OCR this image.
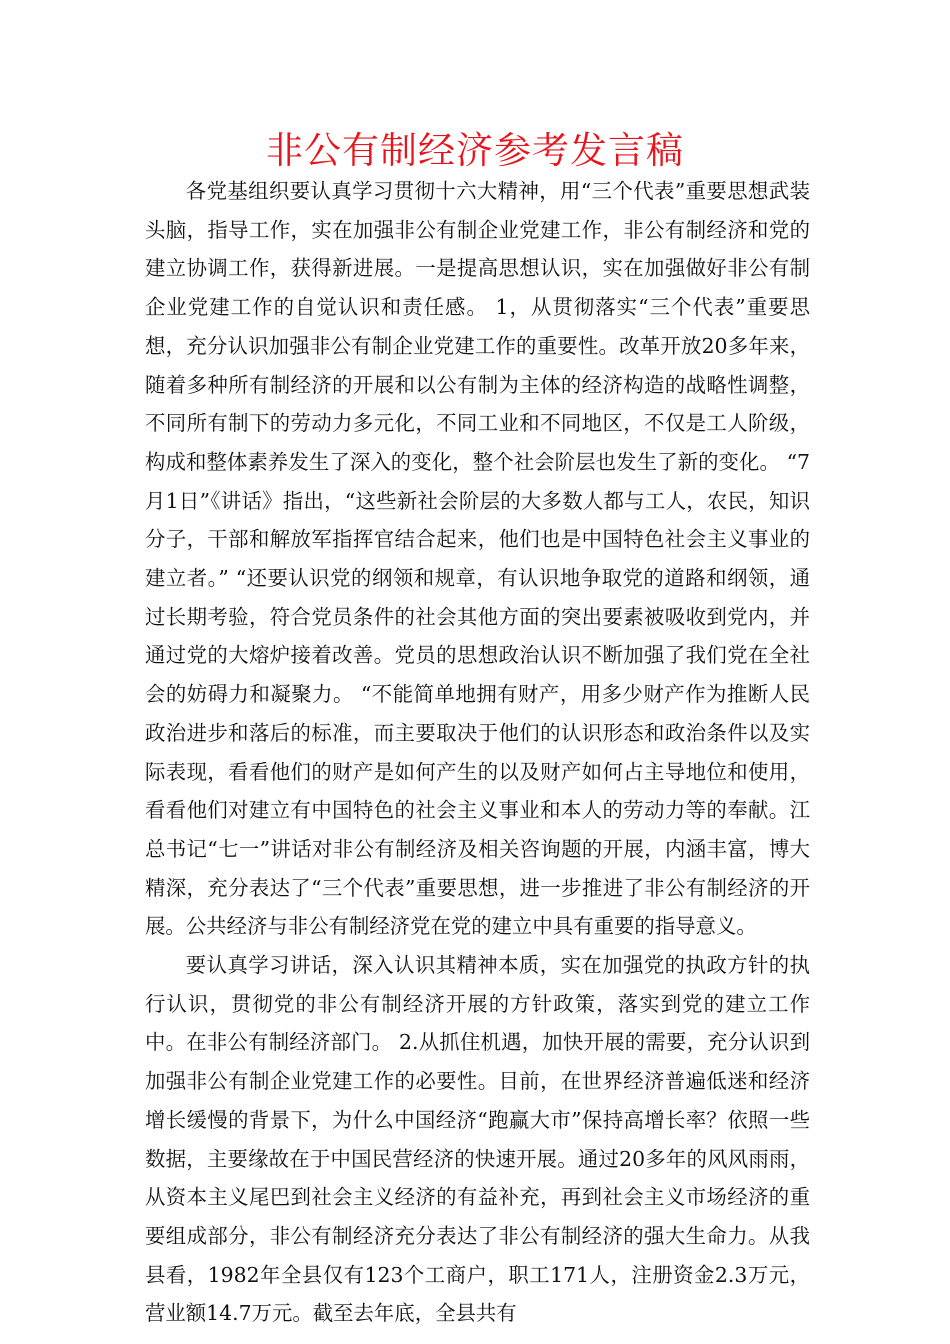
非公有制经济参考发言稿

各党基组织要认真学习贯彻十六大精神，用“三个代表”重要思想武装头脑，指导工作，实在加强非公有制企业党建工作，非公有制经济和党的建立协调工作，获得新进展。一是提高思想认识，实在加强做好非公有制企业党建工作的自觉认识和责任感。 1，从贯彻落实“三个代表”重要思想，充分认识加强非公有制企业党建工作的重要性。改革开放20多年来，随着多种所有制经济的开展和以公有制为主体的经济构造的战略性调整，不同所有制下的劳动力多元化，不同工业和不同地区，不仅是工人阶级，构成和整体素养发生了深入的变化，整个社会阶层也发生了新的变化。 “7月1日”《讲话》指出，“这些新社会阶层的大多数人都与工人，农民，知识分子，干部和解放军指挥官结合起来，他们也是中国特色社会主义事业的建立者。” “还要认识党的纲领和规章，有认识地争取党的道路和纲领，通过长期考验，符合党员条件的社会其他方面的突出要素被吸收到党内，并通过党的大熔炉接着改善。党员的思想政治认识不断加强了我们党在全社会的妨碍力和凝聚力。 “不能简单地拥有财产，用多少财产作为推断人民政治进步和落后的标准，而主要取决于他们的认识形态和政治条件以及实际表现，看看他们的财产是如何产生的以及财产如何占主导地位和使用，看看他们对建立有中国特色的社会主义事业和本人的劳动力等的奉献。江总书记“七一”讲话对非公有制经济及相关咨询题的开展，内涵丰富，博大精深，充分表达了“三个代表”重要思想，进一步推进了非公有制经济的开展。公共经济与非公有制经济党在党的建立中具有重要的指导意义。

要认真学习讲话，深入认识其精神本质，实在加强党的执政方针的执行认识，贯彻党的非公有制经济开展的方针政策，落实到党的建立工作中。在非公有制经济部门。 2.从抓住机遇，加快开展的需要，充分认识到加强非公有制企业党建工作的必要性。目前，在世界经济普遍低迷和经济增长缓慢的背景下，为什么中国经济“跑赢大市”保持高增长率？依照一些数据，主要缘故在于中国民营经济的快速开展。通过20多年的风风雨雨，从资本主义尾巴到社会主义经济的有益补充，再到社会主义市场经济的重要组成部分，非公有制经济充分表达了非公有制经济的强大生命力。从我县看，1982年全县仅有123个工商户，职工171人，注册资金2.3万元，营业额14.7万元。截至去年底，全县共有
